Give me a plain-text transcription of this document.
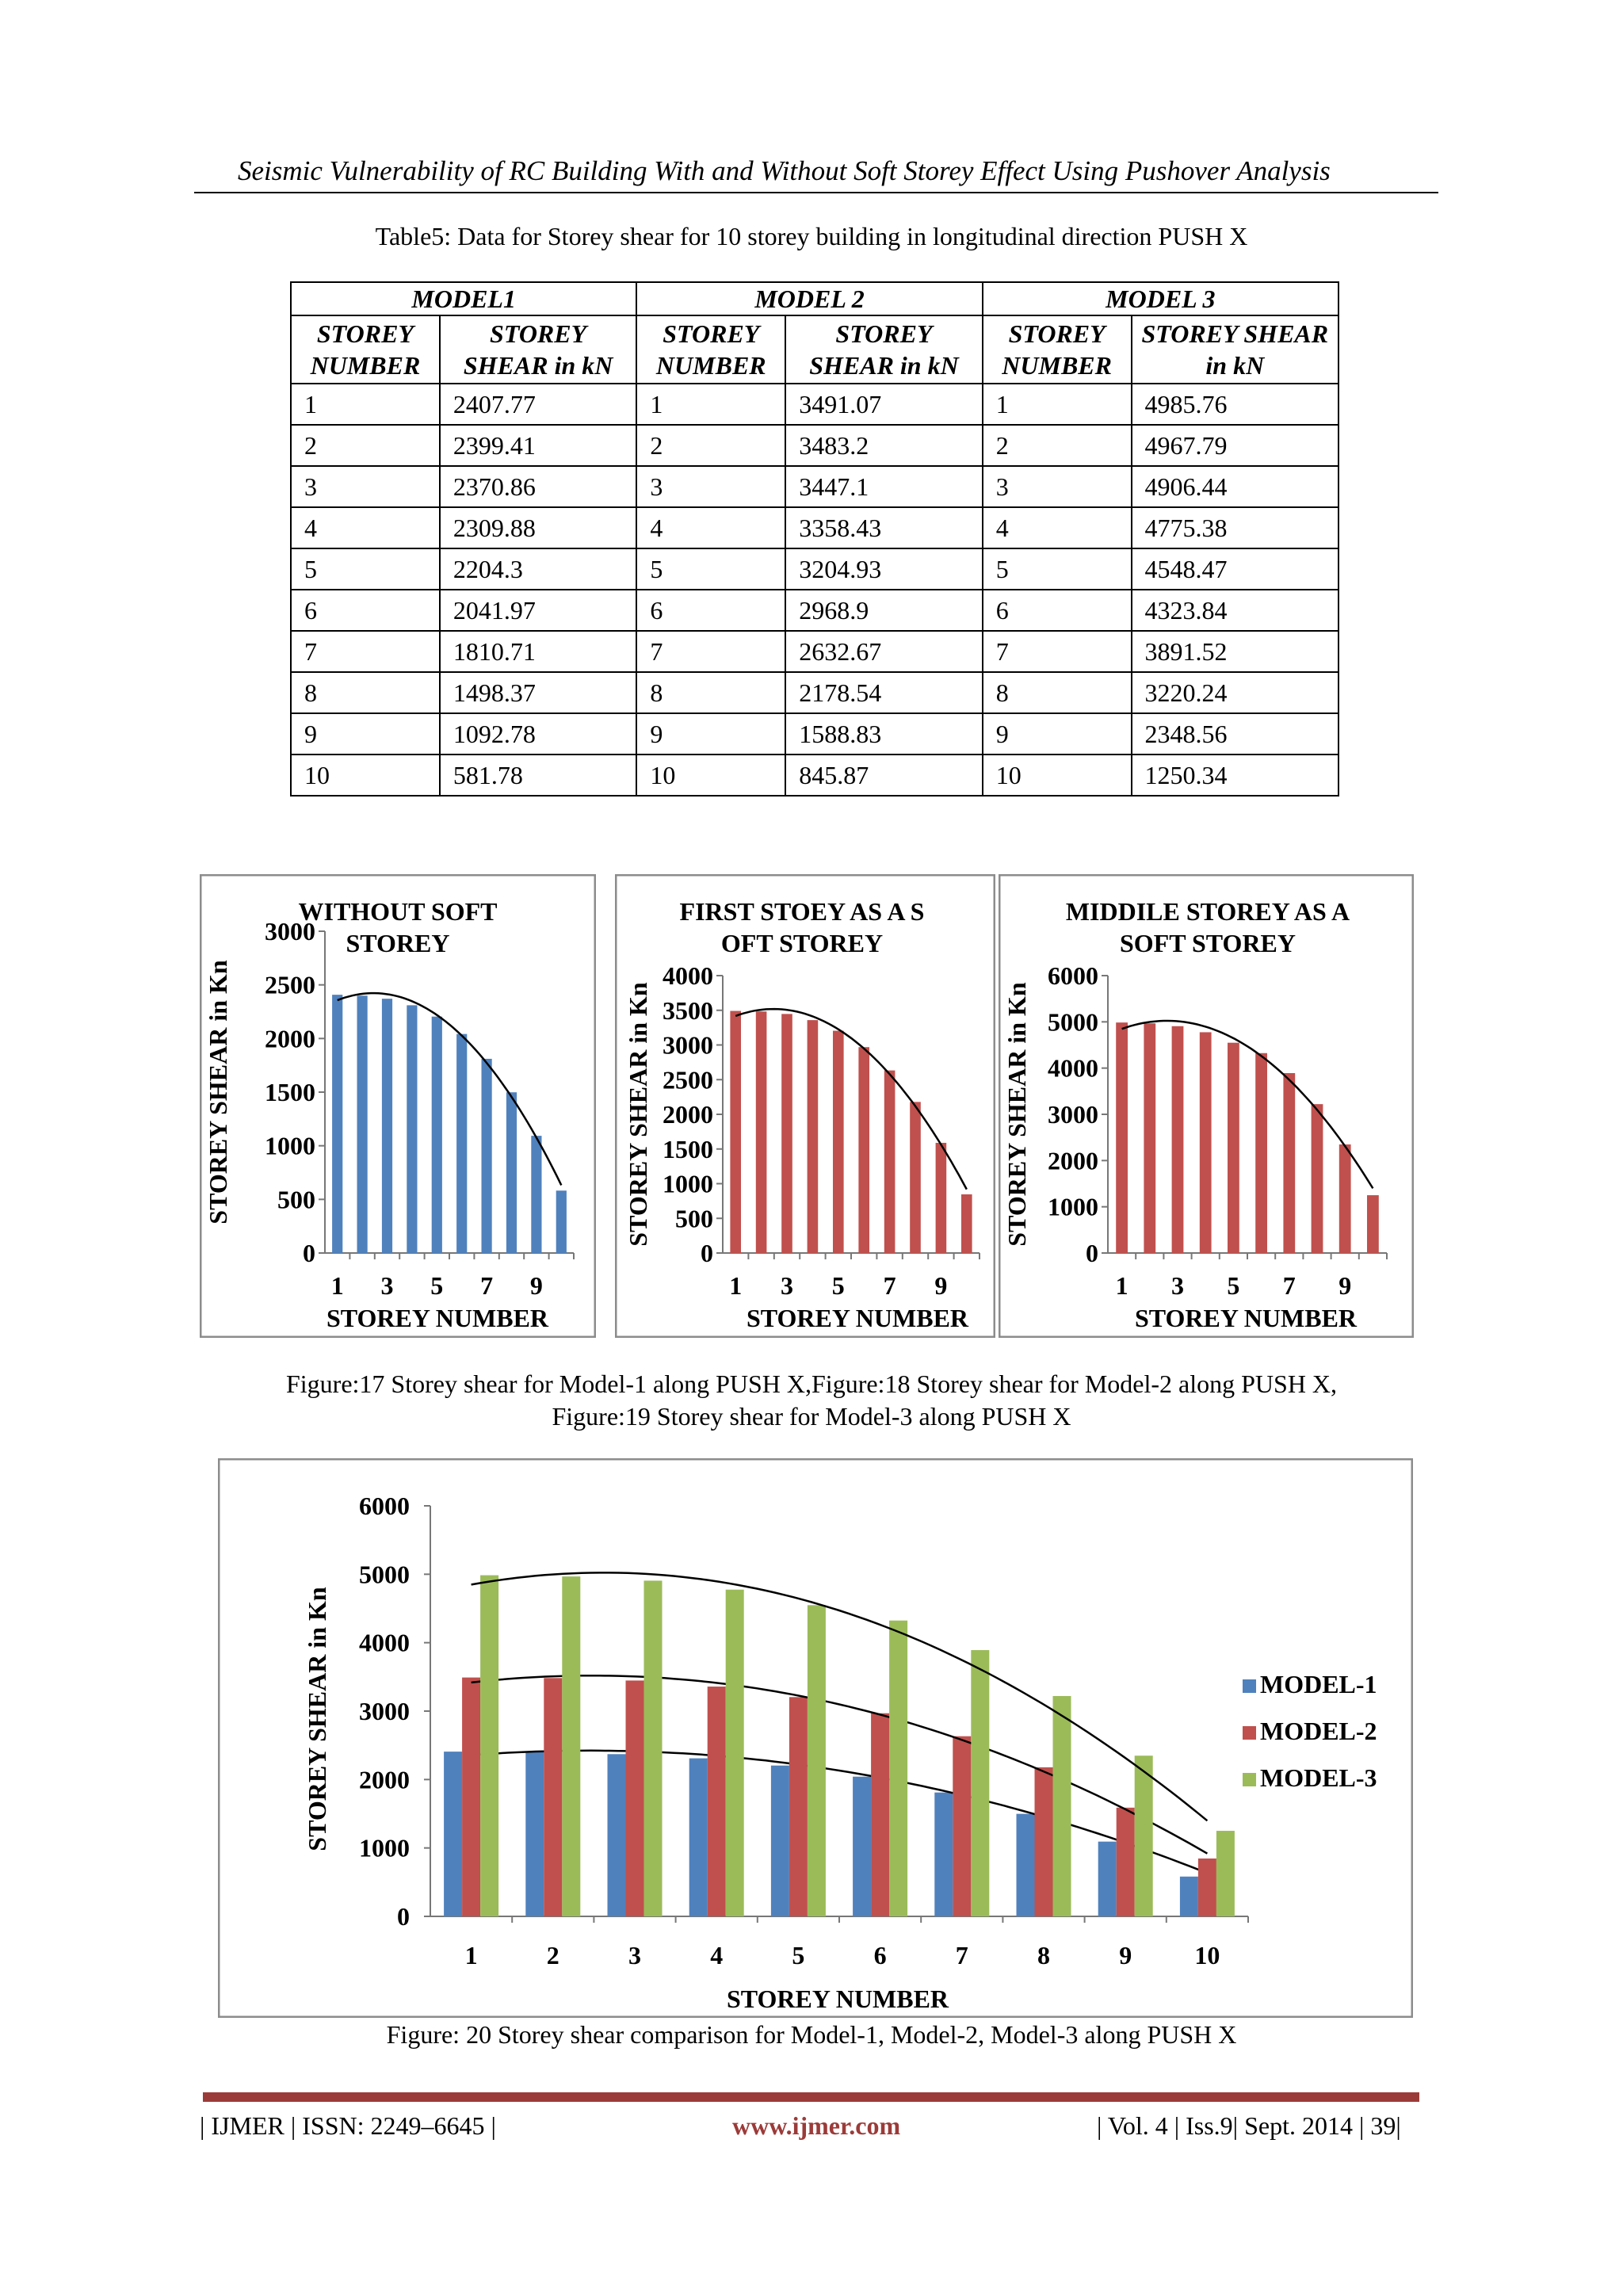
Seismic Vulnerability of RC Building With and Without Soft Storey Effect Using Pushover Analysis
Table5: Data for Storey shear for 10 storey building in longitudinal direction PUSH X
MODEL1		MODEL 2		MODEL 3	
STOREY NUMBER	STOREY SHEAR in kN	STOREY NUMBER	STOREY SHEAR in kN	STOREY NUMBER	STOREY SHEAR in kN
1	2407.77	1	3491.07	1	4985.76
2	2399.41	2	3483.2	2	4967.79
3	2370.86	3	3447.1	3	4906.44
4	2309.88	4	3358.43	4	4775.38
5	2204.3	5	3204.93	5	4548.47
6	2041.97	6	2968.9	6	4323.84
7	1810.71	7	2632.67	7	3891.52
8	1498.37	8	2178.54	8	3220.24
9	1092.78	9	1588.83	9	2348.56
10	581.78	10	845.87	10	1250.34
WITHOUT SOFT
STOREY
0
500
1000
1500
2000
2500
3000
1 3 5 7 9
STOREY NUMBER
STOREY SHEAR in Kn
FIRST STOEY AS A S
OFT STOREY
0
500
1000
1500
2000
2500
3000
3500
4000
1 3 5 7 9
STOREY NUMBER
STOREY SHEAR in Kn
MIDDILE STOREY AS A
SOFT STOREY
0
1000
2000
3000
4000
5000
6000
1 3 5 7 9
STOREY NUMBER
STOREY SHEAR in Kn
Figure:17 Storey shear for Model-1 along PUSH X,Figure:18 Storey shear for Model-2 along PUSH X,
Figure:19 Storey shear for Model-3 along PUSH X
0
1000
2000
3000
4000
5000
6000
1	2	3	4	5	6	7	8	9 10
MODEL-1
MODEL-2
MODEL-3
STOREY NUMBER
STOREY SHEAR in Kn
Figure: 20 Storey shear comparison for Model-1, Model-2, Model-3 along PUSH X
| IJMER | ISSN: 2249–6645 |	www.ijmer.com	| Vol. 4 | Iss.9| Sept. 2014 | 39|
